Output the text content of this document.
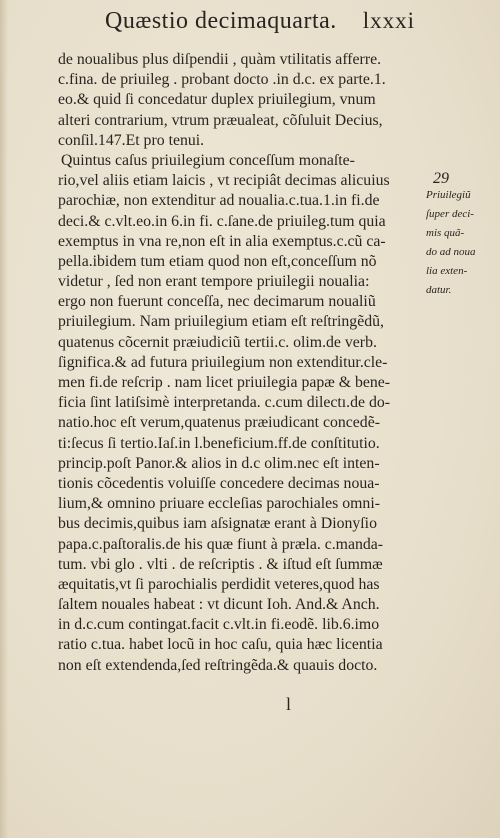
Quæstio decimaquarta. lxxxi
de noualibus plus diſpendii , quàm vtilitatis afferre.
c.fina. de priuileg . probant docto .in d.c. ex parte.1.
eo.& quid ſi concedatur duplex priuilegium, vnum
alteri contrarium, vtrum præualeat, cõſuluit Decius,
conſil.147.Et pro tenui.
Quintus caſus priuilegium conceſſum monaſte-
rio,vel aliis etiam laicis , vt recipiât decimas alicuius
parochiæ, non extenditur ad noualia.c.tua.1.in fi.de
deci.& c.vlt.eo.in 6.in fi. c.ſane.de priuileg.tum quia
exemptus in vna re,non eſt in alia exemptus.c.cũ ca-
pella.ibidem tum etiam quod non eſt,conceſſum nõ
videtur , ſed non erant tempore priuilegii noualia:
ergo non fuerunt conceſſa, nec decimarum noualiũ
priuilegium. Nam priuilegium etiam eſt reſtringẽdũ,
quatenus cõcernit præiudiciũ tertii.c. olim.de verb.
ſignifica.& ad futura priuilegium non extenditur.cle-
men fi.de reſcrip . nam licet priuilegia papæ & bene-
ficia ſint latiſsimè interpretanda. c.cum dilectı.de do-
natio.hoc eſt verum,quatenus præiudicant concedẽ-
ti:ſecus ſi tertio.Iaſ.in l.beneficium.ff.de conſtitutio.
princip.poſt Panor.& alios in d.c olim.nec eſt inten-
tionis cõcedentis voluiſſe concedere decimas noua-
lium,& omnino priuare eccleſias parochiales omni-
bus decimis,quibus iam aſsignatæ erant à Dionyſio
papa.c.paſtoralis.de his quæ fiunt à præla. c.manda-
tum. vbi glo . vlti . de reſcriptis . & iſtud eſt ſummæ
æquitatis,vt ſi parochialis perdidit veteres,quod has
ſaltem nouales habeat : vt dicunt Ioh. And.& Anch.
in d.c.cum contingat.facit c.vlt.in fi.eodẽ. lib.6.imo
ratio c.tua. habet locũ in hoc caſu, quia hæc licentia
non eſt extendenda,ſed reſtringẽda.& quauis docto.
29
Priuilegiũ
ſuper deci-
mis quã-
do ad noua
lia exten-
datur.
l
